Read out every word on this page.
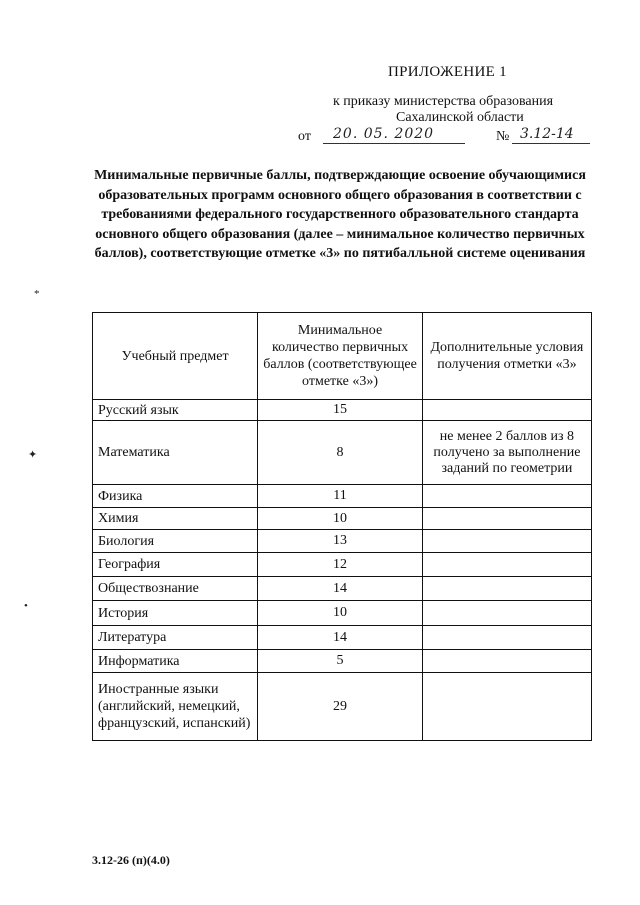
ПРИЛОЖЕНИЕ 1
к приказу министерства образования
Сахалинской области
от	20. 05. 2020	№ 3.12-14
Минимальные первичные баллы, подтверждающие освоение обучающимися образовательных программ основного общего образования в соответствии с требованиями федерального государственного образовательного стандарта основного общего образования (далее – минимальное количество первичных баллов), соответствующие отметке «3» по пятибалльной системе оценивания
Учебный предмет	Минимальное количество первичных баллов (соответствующее отметке «3»)	Дополнительные условия получения отметки «3»
Русский язык	15	
Математика	8	не менее 2 баллов из 8 получено за выполнение заданий по геометрии
Физика	11	
Химия	10	
Биология	13	
География	12	
Обществознание	14	
История	10	
Литература	14	
Информатика	5	
Иностранные языки (английский, немецкий, французский, испанский)	29	
3.12-26 (п)(4.0)
*
✦
•
